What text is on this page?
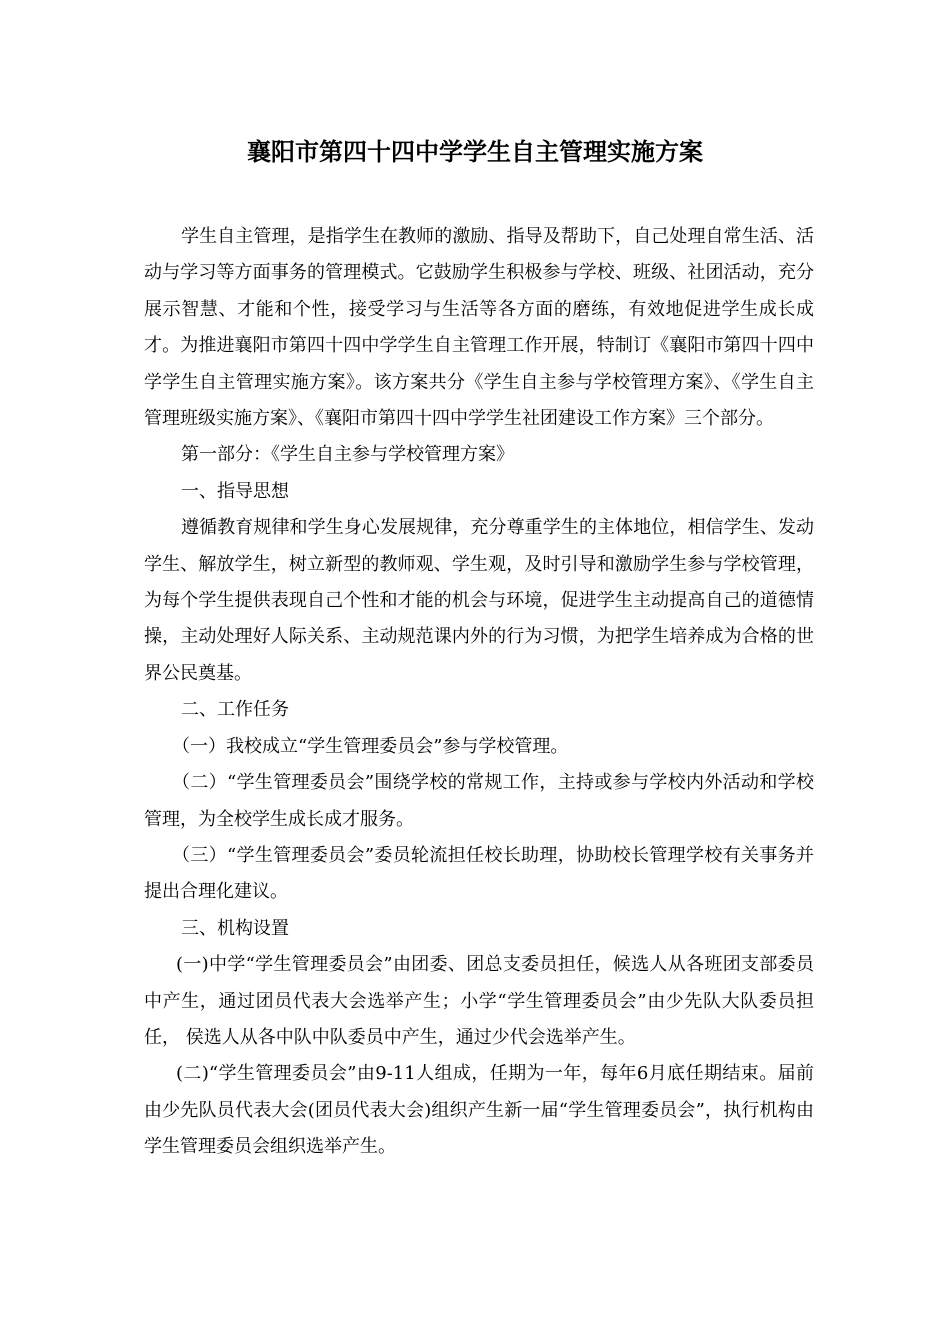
襄阳市第四十四中学学生自主管理实施方案

学生自主管理，是指学生在教师的激励、指导及帮助下，自己处理自常生活、活动与学习等方面事务的管理模式。它鼓励学生积极参与学校、班级、社团活动，充分展示智慧、才能和个性，接受学习与生活等各方面的磨练，有效地促进学生成长成才。为推进襄阳市第四十四中学学生自主管理工作开展，特制订《襄阳市第四十四中学学生自主管理实施方案》。该方案共分《学生自主参与学校管理方案》、《学生自主管理班级实施方案》、《襄阳市第四十四中学学生社团建设工作方案》三个部分。

第一部分：《学生自主参与学校管理方案》

一、指导思想

遵循教育规律和学生身心发展规律，充分尊重学生的主体地位，相信学生、发动学生、解放学生，树立新型的教师观、学生观，及时引导和激励学生参与学校管理，为每个学生提供表现自己个性和才能的机会与环境，促进学生主动提高自己的道德情操，主动处理好人际关系、主动规范课内外的行为习惯，为把学生培养成为合格的世界公民奠基。

二、工作任务

（一）我校成立“学生管理委员会”参与学校管理。

（二）“学生管理委员会”围绕学校的常规工作，主持或参与学校内外活动和学校管理，为全校学生成长成才服务。

（三）“学生管理委员会”委员轮流担任校长助理，协助校长管理学校有关事务并提出合理化建议。

三、机构设置

(一)中学“学生管理委员会”由团委、团总支委员担任，候选人从各班团支部委员中产生，通过团员代表大会选举产生；小学“学生管理委员会”由少先队大队委员担任， 侯选人从各中队中队委员中产生，通过少代会选举产生。

(二)“学生管理委员会”由9-11人组成，任期为一年，每年6月底任期结束。届前由少先队员代表大会(团员代表大会)组织产生新一届“学生管理委员会”，执行机构由学生管理委员会组织选举产生。
